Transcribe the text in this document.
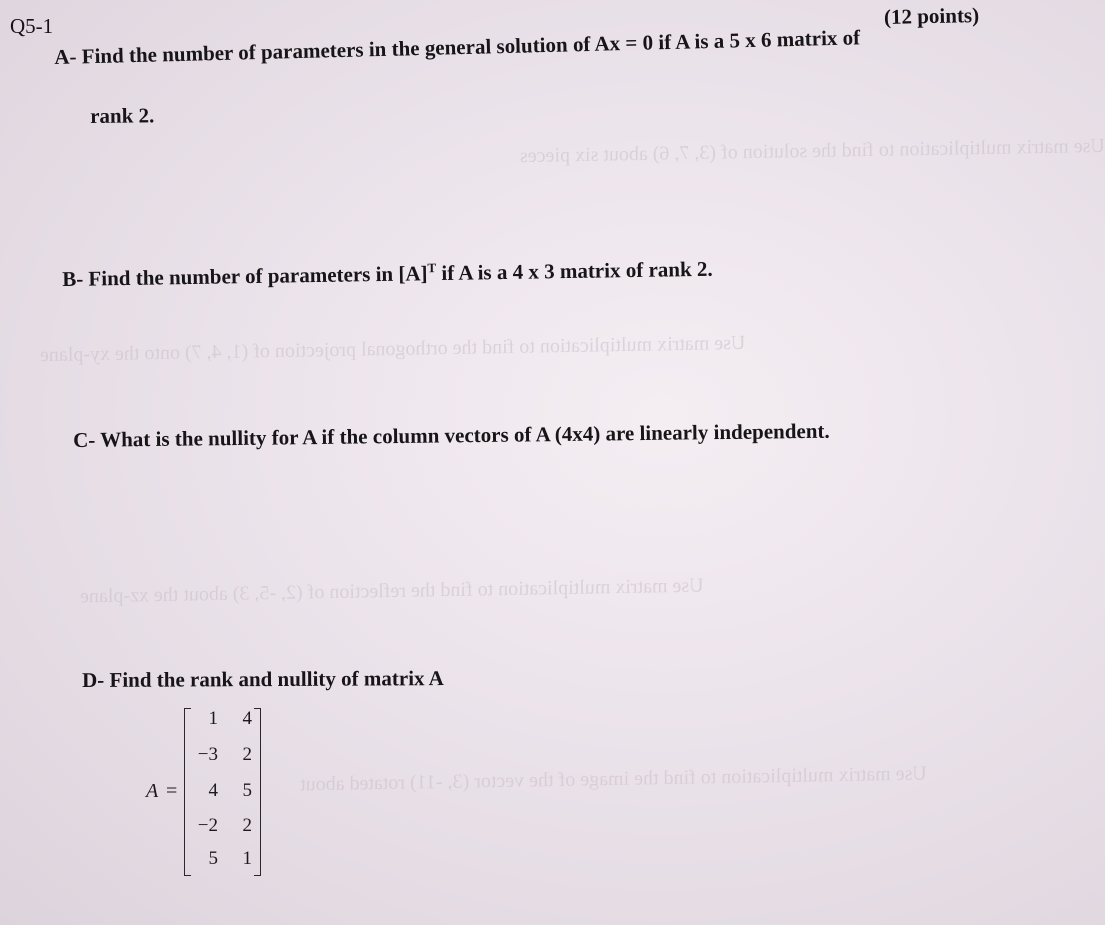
Use matrix multiplication to find the solution of (3, 7, 6) about six pieces
Use matrix multiplication to find the orthogonal projection of (1, 4, 7) onto the xy-plane
Use matrix multiplication to find the reflection of (2, -5, 3) about the xz-plane
Use matrix multiplication to find the image of the vector (3, -11) rotated about
Q5-1	(12 points)
A- Find the number of parameters in the general solution of Ax = 0 if A is a 5 x 6 matrix of
rank 2.
B- Find the number of parameters in $[A]^T$ if A is a 4 x 3 matrix of rank 2.
C- What is the nullity for A if the column vectors of A (4x4) are linearly independent.
D- Find the rank and nullity of matrix A
A =
1 4
−3 2
4 5
−2 2
5 1
